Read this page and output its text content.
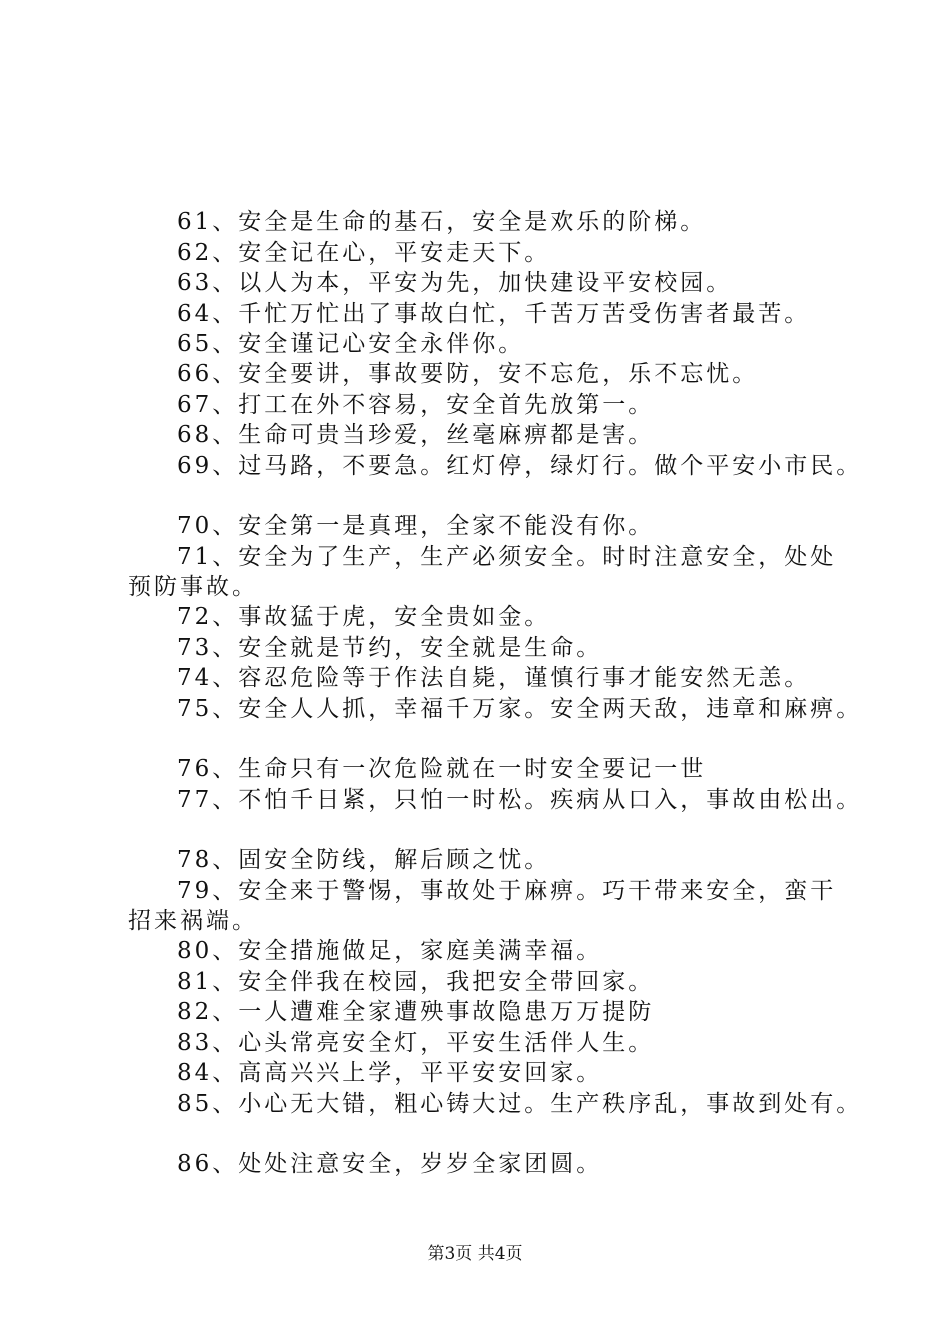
61、安全是生命的基石，安全是欢乐的阶梯。
62、安全记在心，平安走天下。
63、以人为本，平安为先，加快建设平安校园。
64、千忙万忙出了事故白忙，千苦万苦受伤害者最苦。
65、安全谨记心安全永伴你。
66、安全要讲，事故要防，安不忘危，乐不忘忧。
67、打工在外不容易，安全首先放第一。
68、生命可贵当珍爱，丝毫麻痹都是害。
69、过马路，不要急。红灯停，绿灯行。做个平安小市民。
70、安全第一是真理，全家不能没有你。
71、安全为了生产，生产必须安全。时时注意安全，处处
预防事故。
72、事故猛于虎，安全贵如金。
73、安全就是节约，安全就是生命。
74、容忍危险等于作法自毙，谨慎行事才能安然无恙。
75、安全人人抓，幸福千万家。安全两天敌，违章和麻痹。
76、生命只有一次危险就在一时安全要记一世
77、不怕千日紧，只怕一时松。疾病从口入，事故由松出。
78、固安全防线，解后顾之忧。
79、安全来于警惕，事故处于麻痹。巧干带来安全，蛮干
招来祸端。
80、安全措施做足，家庭美满幸福。
81、安全伴我在校园，我把安全带回家。
82、一人遭难全家遭殃事故隐患万万提防
83、心头常亮安全灯，平安生活伴人生。
84、高高兴兴上学，平平安安回家。
85、小心无大错，粗心铸大过。生产秩序乱，事故到处有。
86、处处注意安全，岁岁全家团圆。
第3页 共4页
